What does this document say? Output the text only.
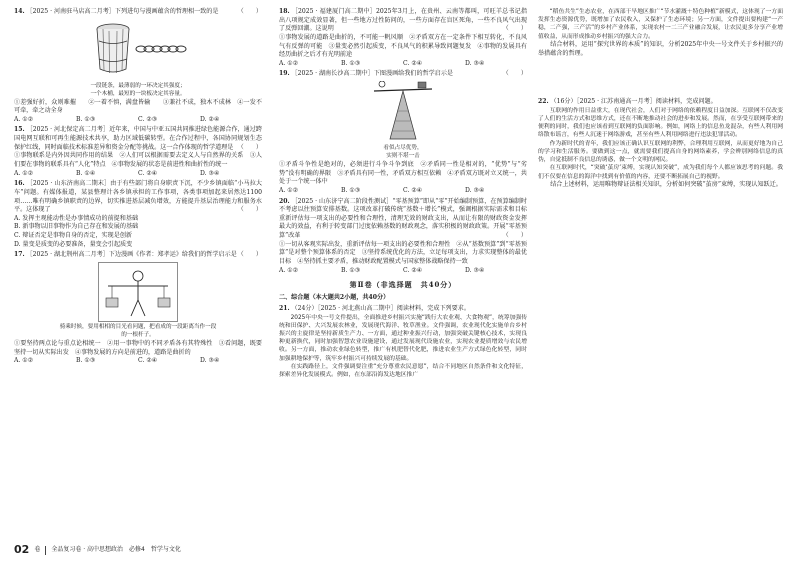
14. ［2025 · 河南驻马店高二月考］下列进句与漫画蕴含的哲理相一致的是	（　　）
一段链条，最薄弱的一环决定其强度；
一个木桶，最短的一块板决定其容量。
①差强好折，众则难摧　　②一着不慎，满盘皆输　　③兼社不成，独木不成林　④一发不可牵，牵之动全身
A. ①②	B. ①③	C. ②③	D. ②④
15. ［2025 · 河北保定高二月考］近年来，中国与中亚五国共同推进绿色能源合作，通过跨国电网互联和可再生能源技术共享，助力区域低碳转型。在合作过程中，各国协同规划生态保护红线，同时面临技术标准差异和资金分配等挑战。这一合作体现的哲学道理是 （　　）
①事物联系是内外因共同作用的结果　②人们可以根据需要去定义人与自然界的关系　③人们要在事物的联系具有“人化”特点　④事物发展的状态是前进性和曲折性的统一
A. ①②	B. ①④	C. ②④	D. ③④
16. ［2025 · 山东济南高二期末］由于有些部门将自身职责下沉，不少乡镇面临“小马拉大车”问题。有媒体报道，某县整理计各乡镇承担的工作事项，各类事项加起来居然达1100项……唯有明确乡镇职责的边界，切实推进基层减负增效，方能提升基层治理能力和服务水平。这体现了	（　　）
A. 发挥主观能动性是办事情成功的前提和基础
B. 新事物以旧事物作为自己存在和发展的基础
C. 辩证否定是事物自身的否定，实现是创新
D. 量变是质变的必要准备，量变会引起质变
17. ［2025 · 湖北荆州高二月考］下边漫画《作者：郑孝运》给我们的哲学启示是 （　　）
骑乘时候，要用相相的目光看问题，把看成的一段距离当作一段
的一根杆子。
①要坚持两点论与重点论相统一　②用一事物中的不同矛盾各有其特殊性　③看问题，既要坚持一切从实际出发　④事物发展的方向是前进的，道路是曲折的
A. ①②	B. ①③	C. ②④	D. ③④
18. ［2025 · 福建厦门高二期中］2025年3月上，在贵州、云南等都叫，可旺羊总书记指出八项规定成效显著，但一些地方过性防问的，一些方面存在盲区死角，一些不良风气出现了反弹回潮。这说明	（　　）
①事物发展的道路是曲折的，不可能一帆风顺　②矛盾双方在一定条件下相互转化，不良风气有反弹的可能　③量变必然引起质变，不良风气的积累导致问题复发　④事物的发展具有经历曲折之后才有光明前途
A. ①②	B. ①③	C. ②④	D. ③④
19. ［2025 · 湖南长沙高二期中］下图漫画给我们的哲学启示是	（　　）
看似占尽优势，
实则不堪一击
①矛盾斗争性是绝对的，必须进行斗争斗争到底　②矛盾同一性是相对的，“优势”与“劣势”没有明确的界限　③矛盾具有同一性，矛盾双方相互依赖　④矛盾双方既对立又统一，共处于一个统一体中
A. ①②	B. ①③	C. ②④	D. ③④
20. ［2025 · 山东济宁高二阶段性测试］“零基预算”即从“零”开始编制预算，在预算编制时不考虑以往预算安排基数。这项改革打破传统“基数＋增长”模式，强调根据实际需求和目标重新评估每一项支出的必要性和合理性，清理无效的财政支出，从而让有限的财政资金发挥最大的效益，有利于转变部门过度依赖基数的财政观念，落实积极的财政政策。开展“零基预算”改革	（　　）
①一切从客观实际出发，重新评估每一项支出的必要性和合理性　②从“基数预算”到“零基预算”是对整个预算体系的否定　③坚持系统优化的方法，立足每项支出，力求实现整体的最优目标　④坚持抓主要矛盾，推动财政配置模式与国家整体战略保持一致
A. ①②	B. ①③	C. ②④	D. ③④
第Ⅱ卷（非选择题　共40分）
二、综合题（本大题共2小题，共40分）
21. （24分）［2025 · 河北燕山高二期中］阅读材料，完成下列要求。
2025年中央一号文件提出，全面推进乡村振兴实施“践行大农业观、大食物观”，统筹加强传统和田保护、大兴发展农林业，发展现代海洋、牧草渔业。文件强调，农业现代化实施单台乡村振兴的主旋律是坚持新质生产力、一方面，通过种业振兴行动，加强突破关键核心技术，实现良种更新换代，同时加强智慧农业设施建设，通过发展现代设施农业，实现农业提质增效与农民增收。另一方面，推动农业绿色转型，推广有机肥替代化肥，推进农业生产方式绿色化转型，同时加强耕地保护等，筑牢乡村振兴可持续发展的基础。
在实践路径上，文件强调要注重“充分尊重农民意愿”，结合不同地区自然条件和文化特征，探索差异化发展模式。例如，在东部沿海发达地区推广
“稻鱼共生”生态农业，在西部干旱地区推广“节水灌溉＋特色种植”新模式，这体现了一方面发挥生态资源优势，既增加了农民收入，又保护了生态环境；另一方面，文件提出要构建“一产稳，二产强，三产活”的乡村产业体系，实现农村一二三产业融合发展，让农民更多分享产业增值收益，从而形成推动乡村振兴的强大合力。
结合材料，运用“探究世界的本质”的知识，分析2025年中央一号文件关于乡村振兴的举措蕴含的哲理。
22. （16分）［2025 · 江苏南通高一月考］阅读材料，完成问题。
互联网的作用日益重大，在现代社会，人们对于网络的依赖程度日益加深。互联网不仅改变了人们的生活方式和思维方式，还在不断地推动社会的进步和发展。然而，在享受互联网带来的便利的同时，我们也应该看到互联网的负面影响。例如，网络上的信息鱼龙混杂，有些人利用网络散布谣言，有些人沉迷于网络游戏，甚至有些人利用网络进行违法犯罪活动。
作为新时代的青年，我们应该正确认识互联网的利弊，合理利用互联网，从而更好地为自己的学习和生活服务。要做到这一点，就需要我们提高自身的网络素养，学会辨别网络信息的真伪，自觉抵制不良信息的诱惑，做一个文明的网民。
在互联网时代，“突破‘茧房’束缚，实现认知突破”，成为我们每个人都应该思考的问题。我们不仅要在信息的海洋中找到有价值的内容，还要不断拓展自己的视野。
结合上述材料，运用唯物辩证法相关知识，分析如何突破“茧房”束缚，实现认知跃迁。
02 卷 全品复习卷 · 高中思想政治　必修4　哲学与文化
